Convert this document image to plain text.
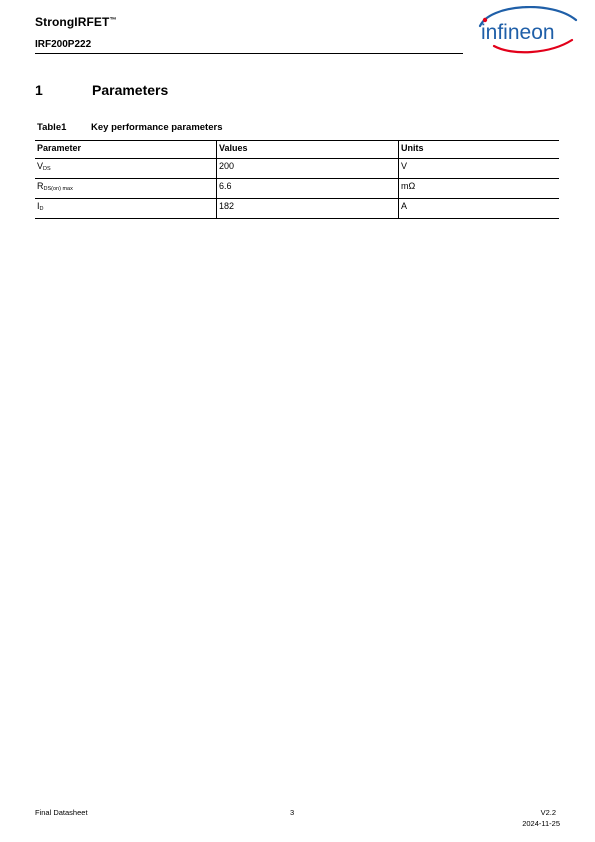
StrongIRFET™
IRF200P222
infineon
1	Parameters
Table1	Key performance parameters
Parameter	Values	Units
VDS	200	V
RDS(on) max	6.6	mΩ
ID	182	A
Final Datasheet	3	V2.2
2024-11-25
